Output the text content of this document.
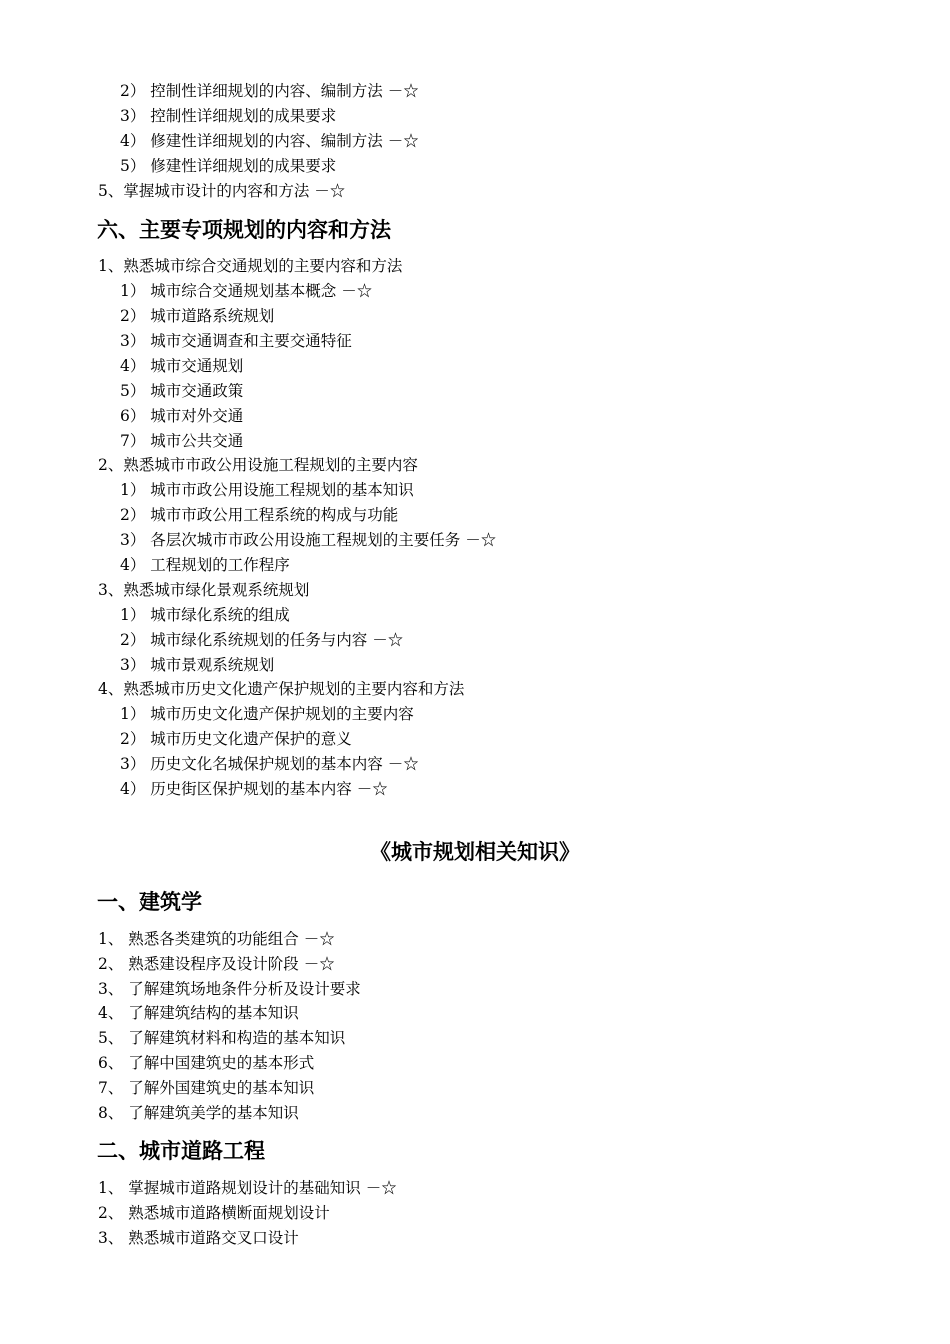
2） 控制性详细规划的内容、编制方法 －☆
3） 控制性详细规划的成果要求
4） 修建性详细规划的内容、编制方法 －☆
5） 修建性详细规划的成果要求
5、掌握城市设计的内容和方法 －☆
六、主要专项规划的内容和方法
1、熟悉城市综合交通规划的主要内容和方法
1） 城市综合交通规划基本概念 －☆
2） 城市道路系统规划
3） 城市交通调查和主要交通特征
4） 城市交通规划
5） 城市交通政策
6） 城市对外交通
7） 城市公共交通
2、熟悉城市市政公用设施工程规划的主要内容
1） 城市市政公用设施工程规划的基本知识
2） 城市市政公用工程系统的构成与功能
3） 各层次城市市政公用设施工程规划的主要任务 －☆
4） 工程规划的工作程序
3、熟悉城市绿化景观系统规划
1） 城市绿化系统的组成
2） 城市绿化系统规划的任务与内容 －☆
3） 城市景观系统规划
4、熟悉城市历史文化遗产保护规划的主要内容和方法
1） 城市历史文化遗产保护规划的主要内容
2） 城市历史文化遗产保护的意义
3） 历史文化名城保护规划的基本内容 －☆
4） 历史街区保护规划的基本内容 －☆
《城市规划相关知识》
一、建筑学
1、 熟悉各类建筑的功能组合 －☆
2、 熟悉建设程序及设计阶段 －☆
3、 了解建筑场地条件分析及设计要求
4、 了解建筑结构的基本知识
5、 了解建筑材料和构造的基本知识
6、 了解中国建筑史的基本形式
7、 了解外国建筑史的基本知识
8、 了解建筑美学的基本知识
二、城市道路工程
1、 掌握城市道路规划设计的基础知识 －☆
2、 熟悉城市道路横断面规划设计
3、 熟悉城市道路交叉口设计
